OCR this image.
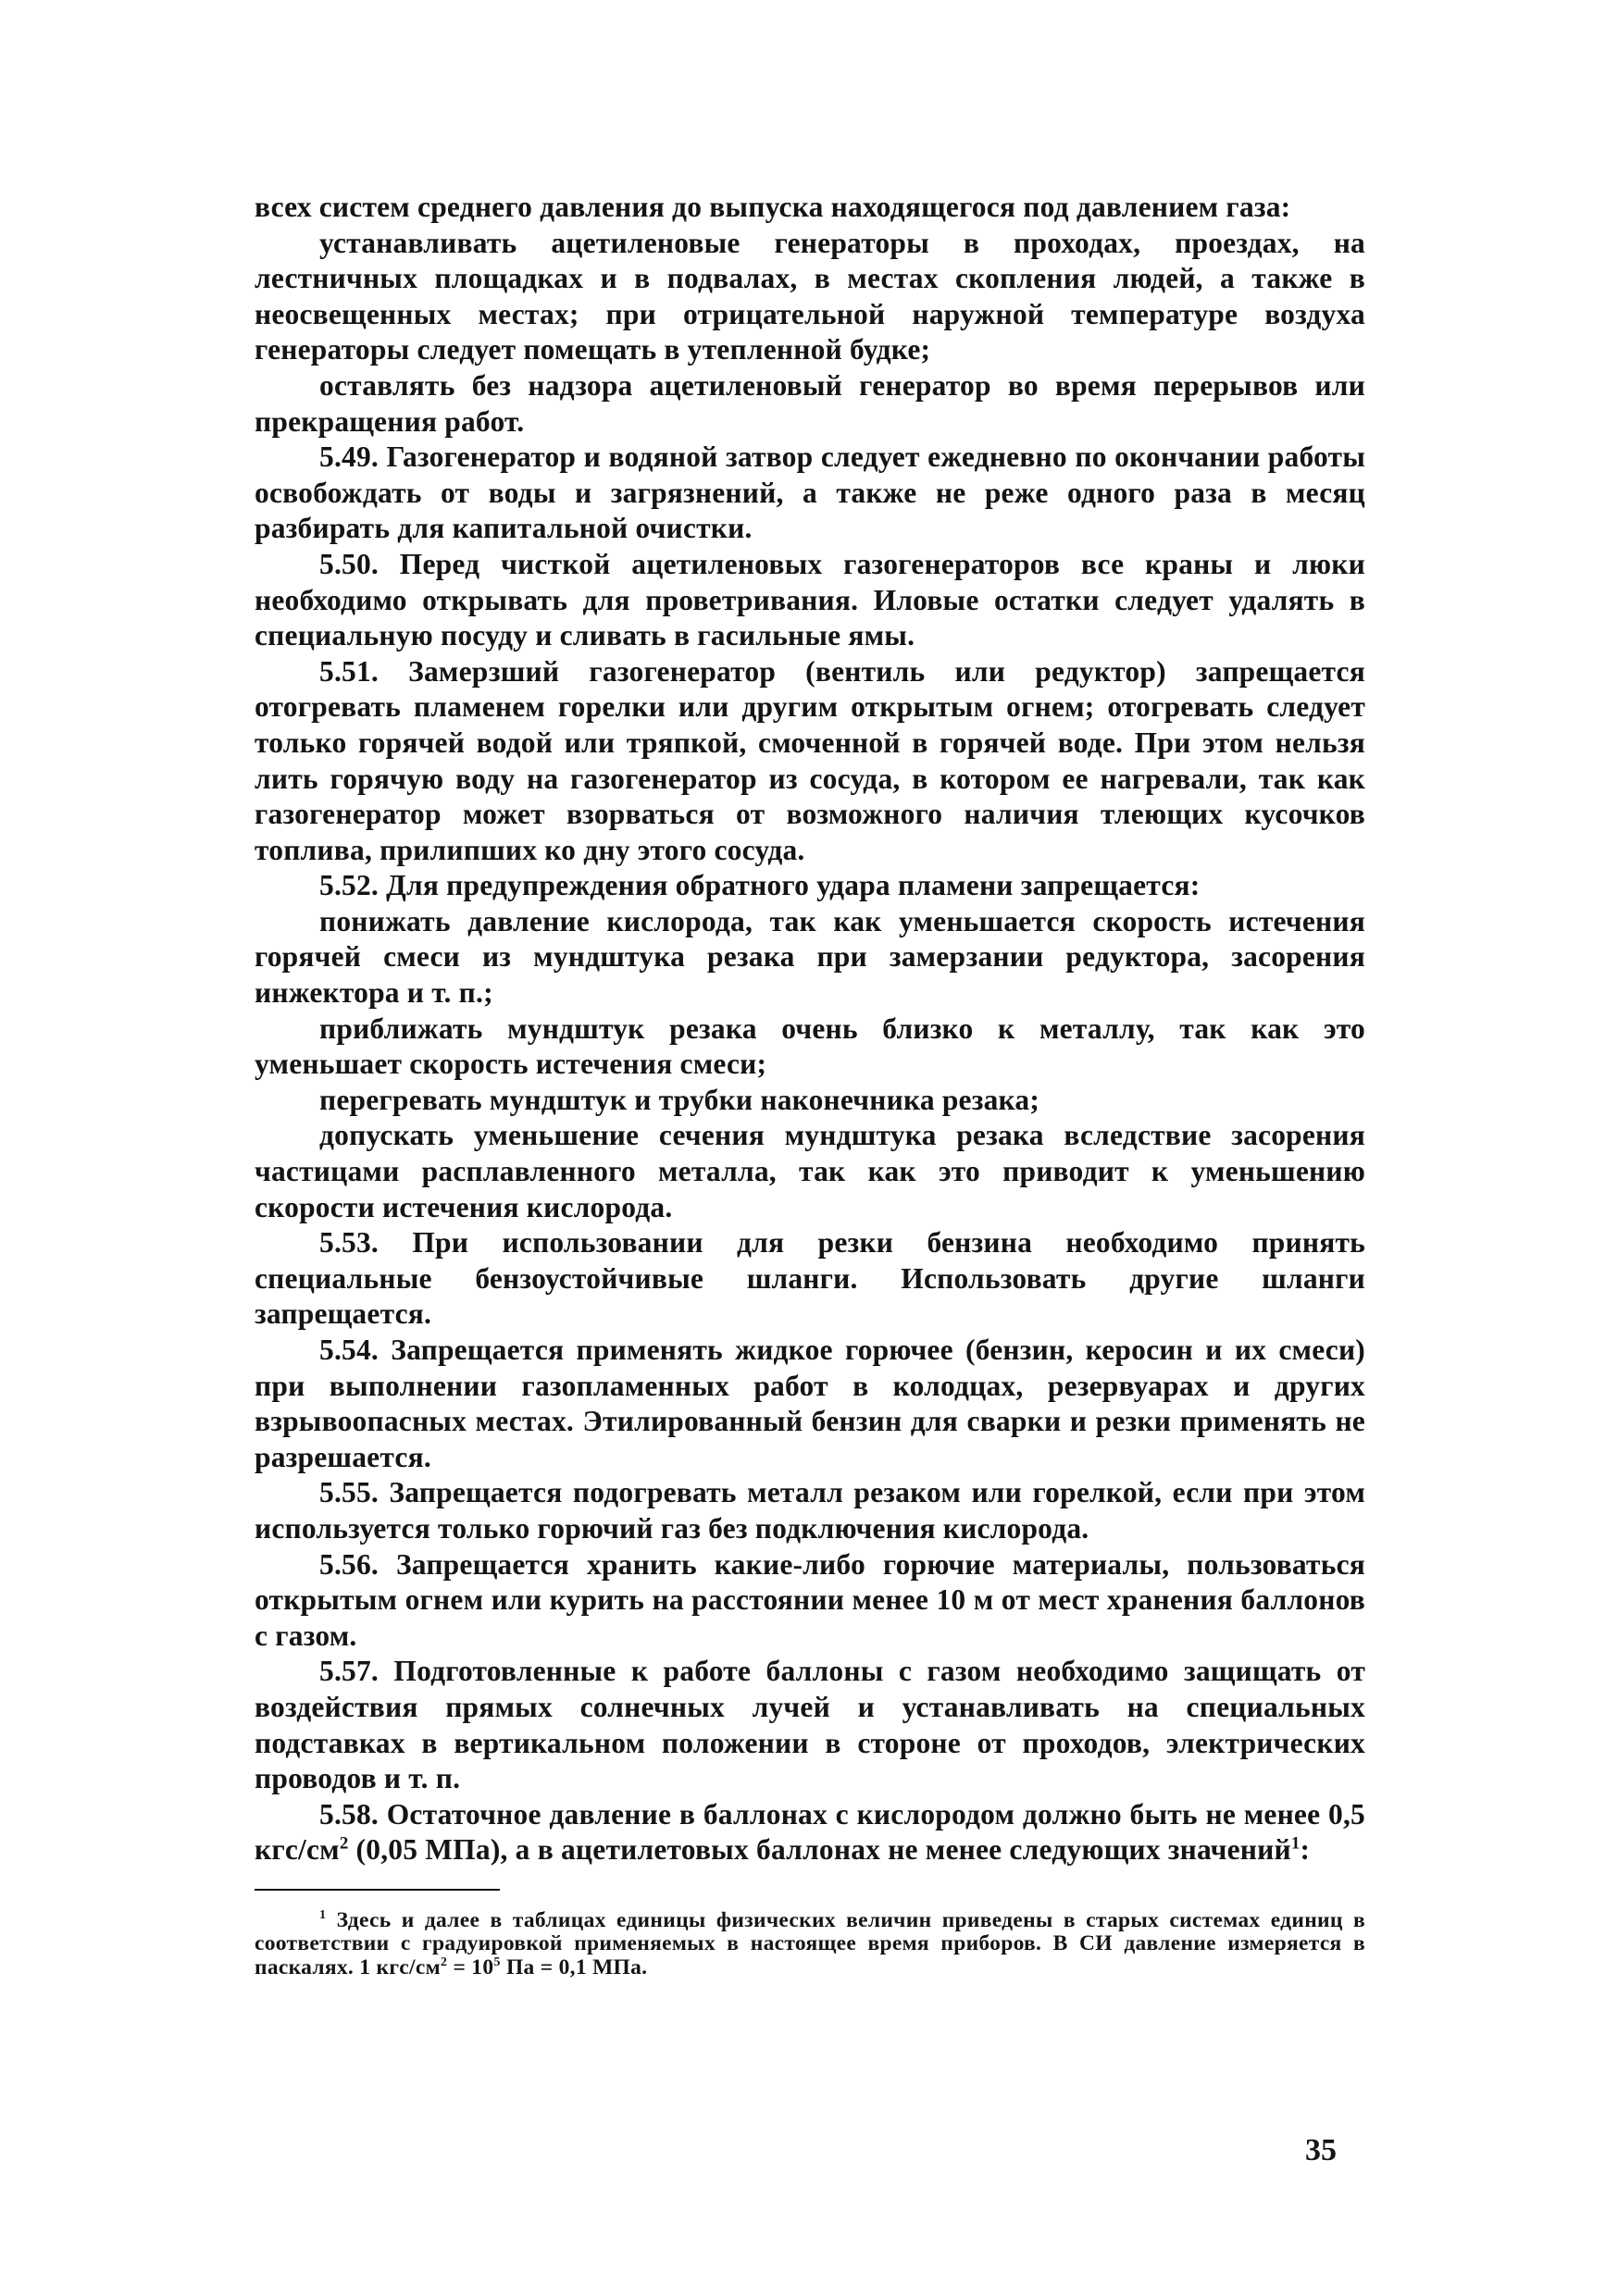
всех систем среднего давления до выпуска находящегося под давлением газа:

устанавливать ацетиленовые генераторы в проходах, проездах, на лестничных площадках и в подвалах, в местах скопления людей, а также в неосвещенных местах; при отрицательной наружной температуре воздуха генераторы следует помещать в утепленной будке;

оставлять без надзора ацетиленовый генератор во время перерывов или прекращения работ.

5.49. Газогенератор и водяной затвор следует ежедневно по окончании работы освобождать от воды и загрязнений, а также не реже одного раза в месяц разбирать для капитальной очистки.

5.50. Перед чисткой ацетиленовых газогенераторов все краны и люки необходимо открывать для проветривания. Иловые остатки следует удалять в специальную посуду и сливать в гасильные ямы.

5.51. Замерзший газогенератор (вентиль или редуктор) запрещается отогревать пламенем горелки или другим открытым огнем; отогревать следует только горячей водой или тряпкой, смоченной в горячей воде. При этом нельзя лить горячую воду на газогенератор из сосуда, в котором ее нагревали, так как газогенератор может взорваться от возможного наличия тлеющих кусочков топлива, прилипших ко дну этого сосуда.

5.52. Для предупреждения обратного удара пламени запрещается:

понижать давление кислорода, так как уменьшается скорость истечения горячей смеси из мундштука резака при замерзании редуктора, засорения инжектора и т. п.;

приближать мундштук резака очень близко к металлу, так как это уменьшает скорость истечения смеси;

перегревать мундштук и трубки наконечника резака;

допускать уменьшение сечения мундштука резака вследствие засорения частицами расплавленного металла, так как это приводит к уменьшению скорости истечения кислорода.

5.53. При использовании для резки бензина необходимо принять специальные бензоустойчивые шланги. Использовать другие шланги запрещается.

5.54. Запрещается применять жидкое горючее (бензин, керосин и их смеси) при выполнении газопламенных работ в колодцах, резервуарах и других взрывоопасных местах. Этилированный бензин для сварки и резки применять не разрешается.

5.55. Запрещается подогревать металл резаком или горелкой, если при этом используется только горючий газ без подключения кислорода.

5.56. Запрещается хранить какие-либо горючие материалы, пользоваться открытым огнем или курить на расстоянии менее 10 м от мест хранения баллонов с газом.

5.57. Подготовленные к работе баллоны с газом необходимо защищать от воздействия прямых солнечных лучей и устанавливать на специальных подставках в вертикальном положении в стороне от проходов, электрических проводов и т. п.

5.58. Остаточное давление в баллонах с кислородом должно быть не менее 0,5 кгс/$см^2$ (0,05 МПа), а в ацетилетовых баллонах не менее следующих значений$^1$:

$^1$ Здесь и далее в таблицах единицы физических величин приведены в старых системах единиц в соответствии с градуировкой применяемых в настоящее время приборов. В СИ давление измеряется в паскалях. 1 кгс/$см^2 = 10^5$ Па = 0,1 МПа.

35
